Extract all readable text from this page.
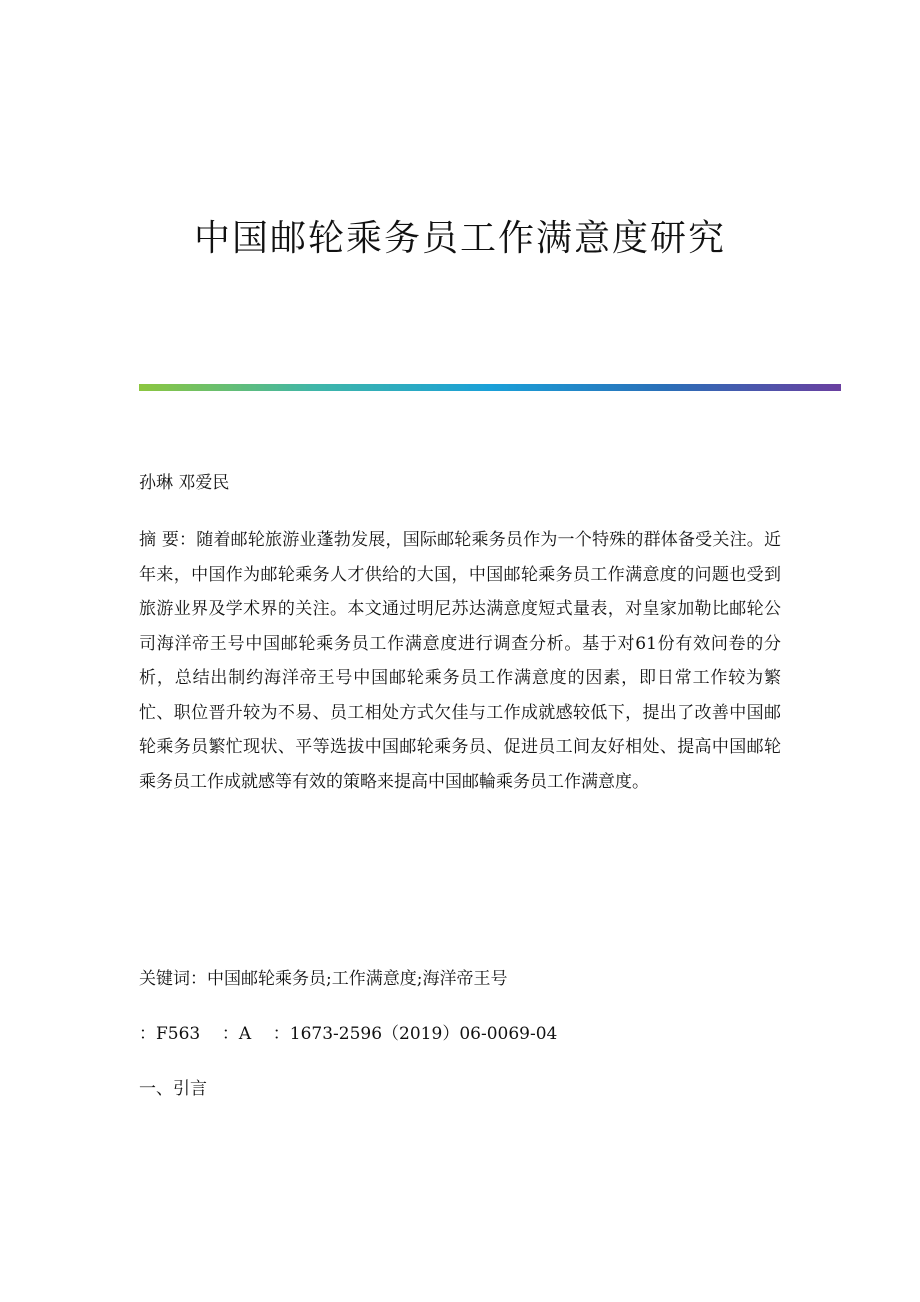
中国邮轮乘务员工作满意度研究
孙琳 邓爱民

摘 要：随着邮轮旅游业蓬勃发展，国际邮轮乘务员作为一个特殊的群体备受关注。近年来，中国作为邮轮乘务人才供给的大国，中国邮轮乘务员工作满意度的问题也受到旅游业界及学术界的关注。本文通过明尼苏达满意度短式量表，对皇家加勒比邮轮公司海洋帝王号中国邮轮乘务员工作满意度进行调查分析。基于对61份有效问卷的分析，总结出制约海洋帝王号中国邮轮乘务员工作满意度的因素，即日常工作较为繁忙、职位晋升较为不易、员工相处方式欠佳与工作成就感较低下，提出了改善中国邮轮乘务员繁忙现状、平等选拔中国邮轮乘务员、促进员工间友好相处、提高中国邮轮乘务员工作成就感等有效的策略来提高中国邮輪乘务员工作满意度。

关键词：中国邮轮乘务员;工作满意度;海洋帝王号
：F563 ：A ：1673-2596（2019）06-0069-04
一、引言
